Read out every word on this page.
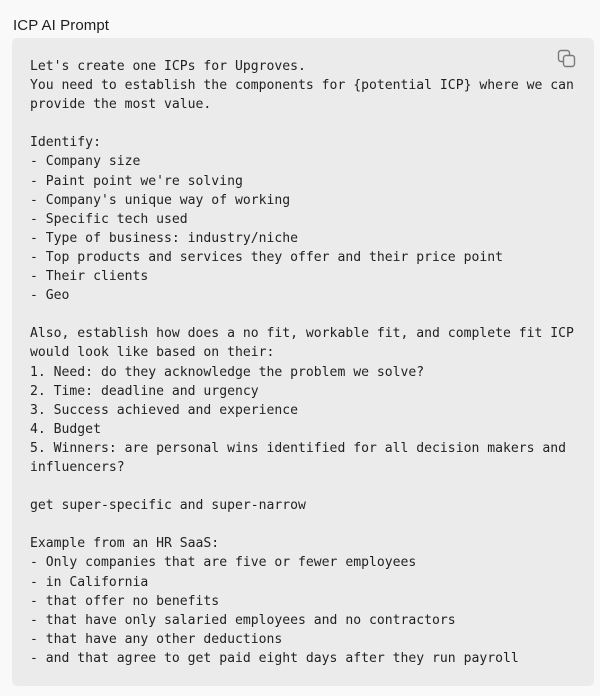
ICP AI Prompt
Let's create one ICPs for Upgroves.
You need to establish the components for {potential ICP} where we can
provide the most value.
Identify:
- Company size
- Paint point we're solving
- Company's unique way of working
- Specific tech used
- Type of business: industry/niche
- Top products and services they offer and their price point
- Their clients
- Geo
Also, establish how does a no fit, workable fit, and complete fit ICP
would look like based on their:
1. Need: do they acknowledge the problem we solve?
2. Time: deadline and urgency
3. Success achieved and experience
4. Budget
5. Winners: are personal wins identified for all decision makers and
influencers?
get super-specific and super-narrow
Example from an HR SaaS:
- Only companies that are five or fewer employees
- in California
- that offer no benefits
- that have only salaried employees and no contractors
- that have any other deductions
- and that agree to get paid eight days after they run payroll
